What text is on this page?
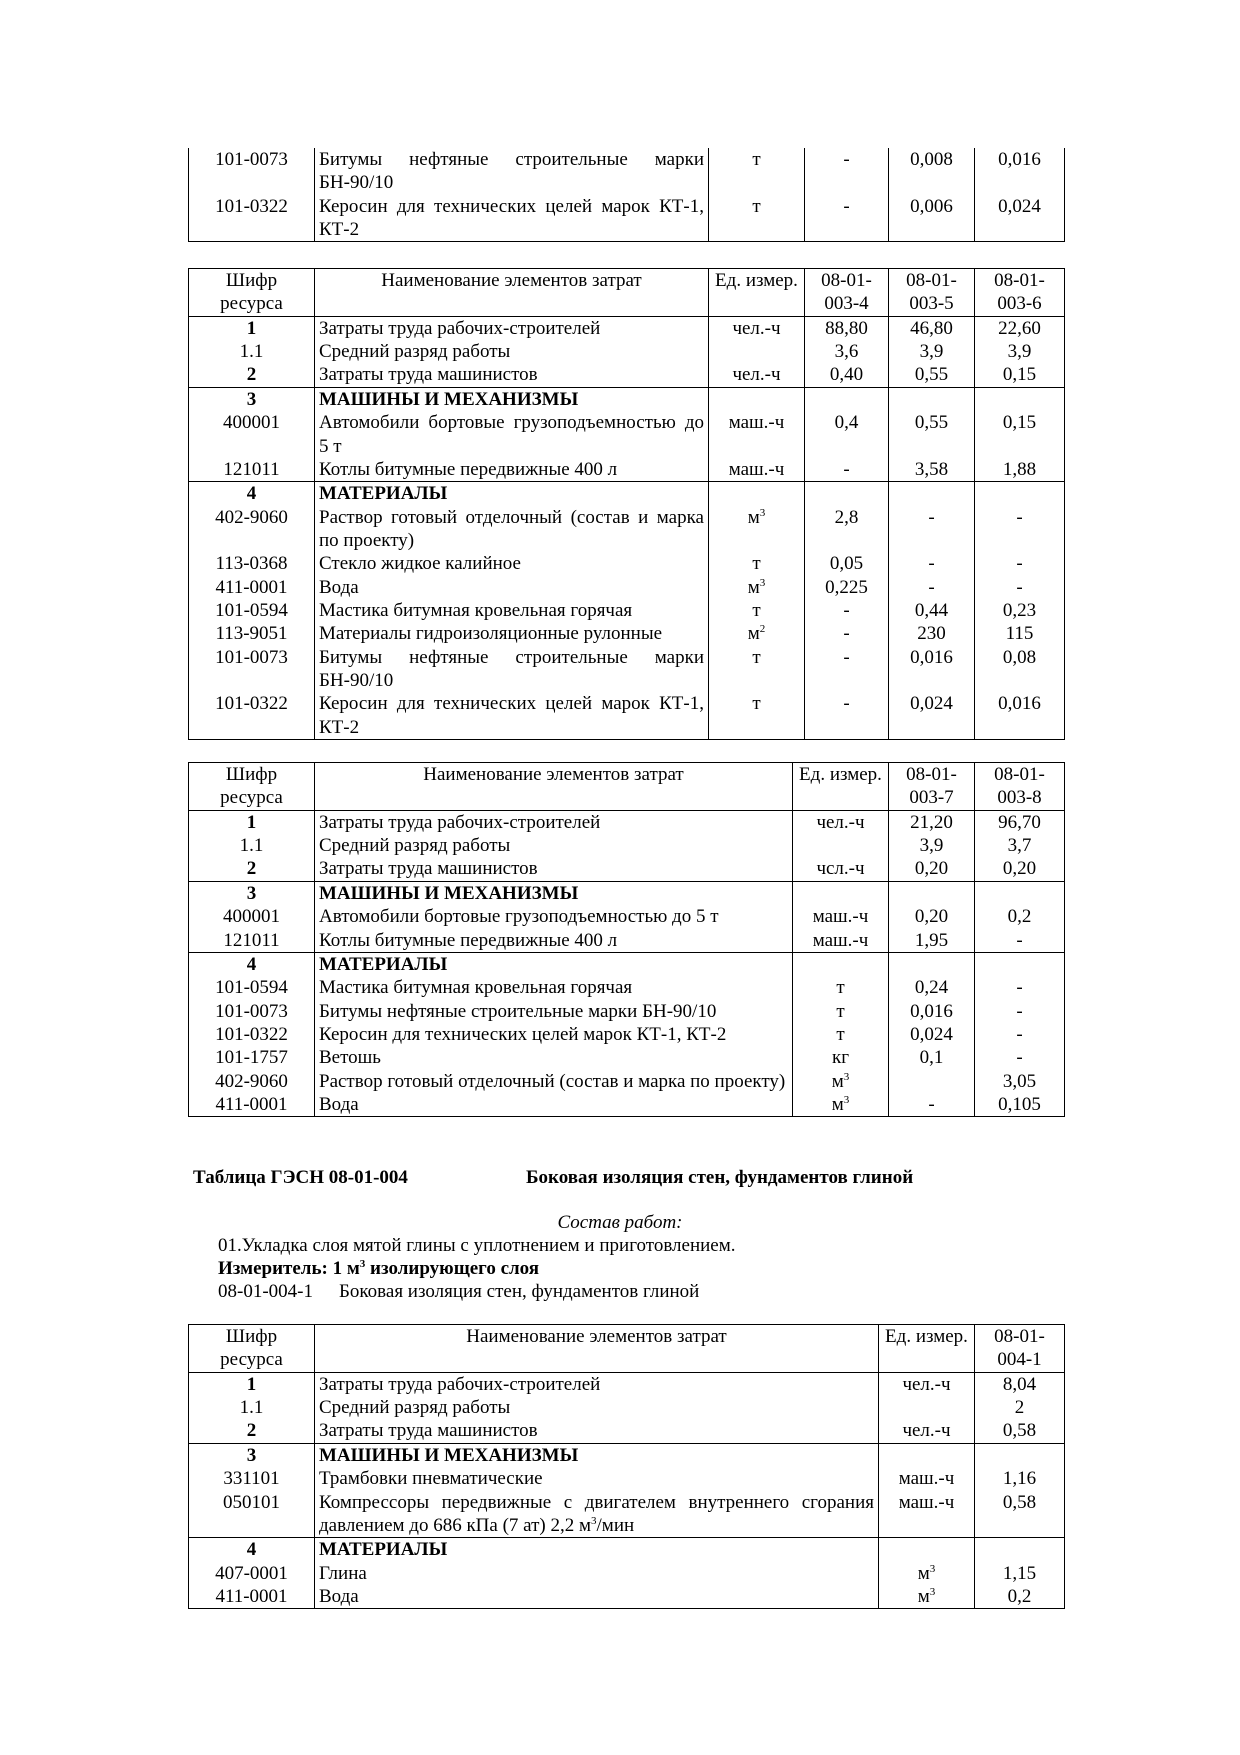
101-0073	Битумы нефтяные строительные марки БН-90/10	т	-	0,008	0,016
101-0322	Керосин для технических целей марок КТ-1, КТ-2	т	-	0,006	0,024
Шифр ресурса	Наименование элементов затрат	Ед. измер.	08-01-003-4	08-01-003-5	08-01-003-6
1	Затраты труда рабочих-строителей	чел.-ч	88,80	46,80	22,60
1.1	Средний разряд работы		3,6	3,9	3,9
2	Затраты труда машинистов	чел.-ч	0,40	0,55	0,15
3	МАШИНЫ И МЕХАНИЗМЫ				
400001	Автомобили бортовые грузоподъемностью до 5 т	маш.-ч	0,4	0,55	0,15
121011	Котлы битумные передвижные 400 л	маш.-ч	-	3,58	1,88
4	МАТЕРИАЛЫ				
402-9060	Раствор готовый отделочный (состав и марка по проекту)	$м^3$	2,8	-	-
113-0368	Стекло жидкое калийное	т	0,05	-	-
411-0001	Вода	$м^3$	0,225	-	-
101-0594	Мастика битумная кровельная горячая	т	-	0,44	0,23
113-9051	Материалы гидроизоляционные рулонные	$м^2$	-	230	115
101-0073	Битумы нефтяные строительные марки БН-90/10	т	-	0,016	0,08
101-0322	Керосин для технических целей марок КТ-1, КТ-2	т	-	0,024	0,016
Шифр ресурса	Наименование элементов затрат	Ед. измер.	08-01-003-7	08-01-003-8
1	Затраты труда рабочих-строителей	чел.-ч	21,20	96,70
1.1	Средний разряд работы		3,9	3,7
2	Затраты труда машинистов	чсл.-ч	0,20	0,20
3	МАШИНЫ И МЕХАНИЗМЫ			
400001	Автомобили бортовые грузоподъемностью до 5 т	маш.-ч	0,20	0,2
121011	Котлы битумные передвижные 400 л	маш.-ч	1,95	-
4	МАТЕРИАЛЫ			
101-0594	Мастика битумная кровельная горячая	т	0,24	-
101-0073	Битумы нефтяные строительные марки БН-90/10	т	0,016	-
101-0322	Керосин для технических целей марок КТ-1, КТ-2	т	0,024	-
101-1757	Ветошь	кг	0,1	-
402-9060	Раствор готовый отделочный (состав и марка по проекту)	$м^3$		3,05
411-0001	Вода	$м^3$	-	0,105
Таблица ГЭСН 08-01-004	Боковая изоляция стен, фундаментов глиной
Состав работ:
01.Укладка слоя мятой глины с уплотнением и приготовлением.
Измеритель: 1 $м^3$ изолирующего слоя
08-01-004-1 Боковая изоляция стен, фундаментов глиной
Шифр ресурса	Наименование элементов затрат	Ед. измер.	08-01-004-1
1	Затраты труда рабочих-строителей	чел.-ч	8,04
1.1	Средний разряд работы		2
2	Затраты труда машинистов	чел.-ч	0,58
3	МАШИНЫ И МЕХАНИЗМЫ		
331101	Трамбовки пневматические	маш.-ч	1,16
050101	Компрессоры передвижные с двигателем внутреннего сгорания давлением до 686 кПа (7 ат) 2,2 $м^3$/мин	маш.-ч	0,58
4	МАТЕРИАЛЫ		
407-0001	Глина	$м^3$	1,15
411-0001	Вода	$м^3$	0,2
